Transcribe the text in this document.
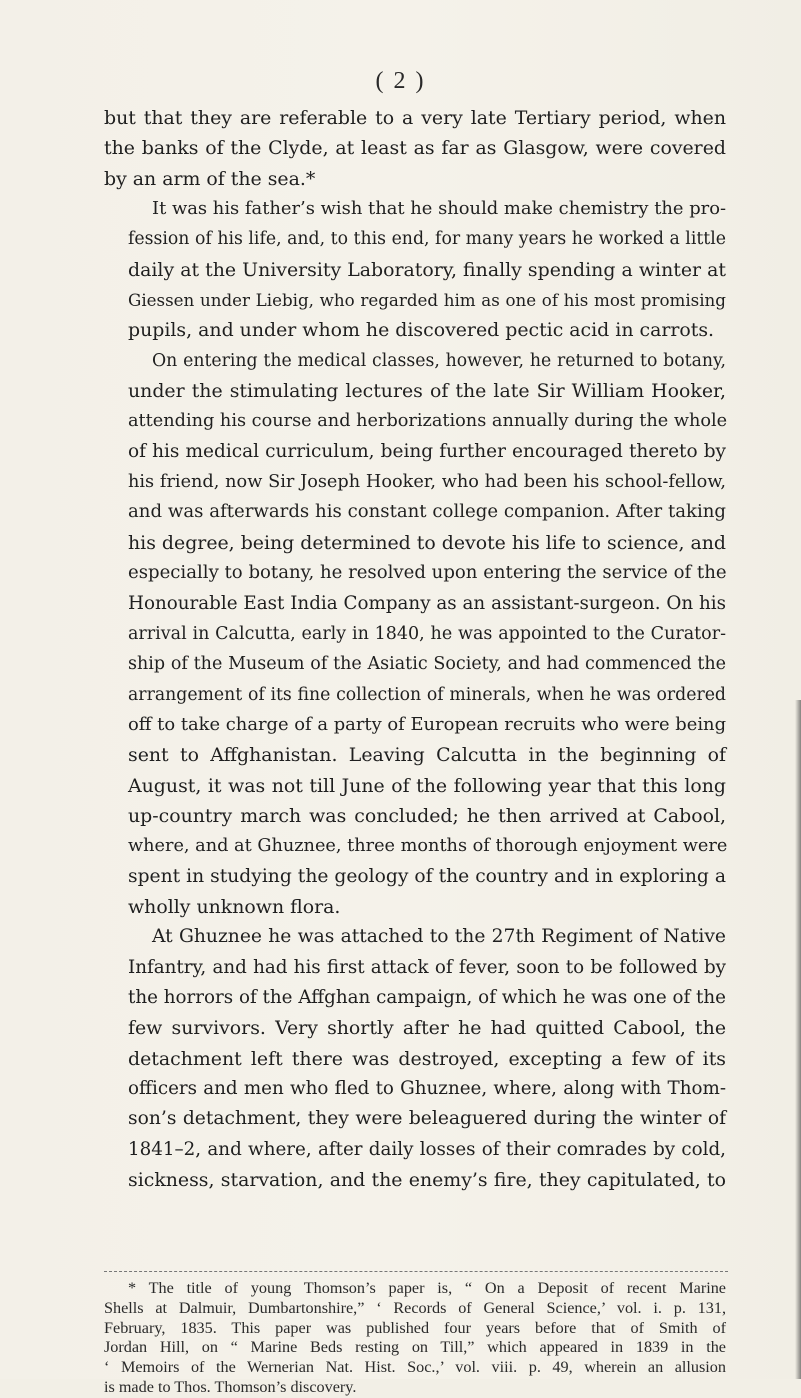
( 2 )

but that they are referable to a very late Tertiary period, when
the banks of the Clyde, at least as far as Glasgow, were covered
by an arm of the sea.*

It was his father’s wish that he should make chemistry the pro-
fession of his life, and, to this end, for many years he worked a little
daily at the University Laboratory, finally spending a winter at
Giessen under Liebig, who regarded him as one of his most promising
pupils, and under whom he discovered pectic acid in carrots.

On entering the medical classes, however, he returned to botany,
under the stimulating lectures of the late Sir William Hooker,
attending his course and herborizations annually during the whole
of his medical curriculum, being further encouraged thereto by
his friend, now Sir Joseph Hooker, who had been his school-fellow,
and was afterwards his constant college companion. After taking
his degree, being determined to devote his life to science, and
especially to botany, he resolved upon entering the service of the
Honourable East India Company as an assistant-surgeon. On his
arrival in Calcutta, early in 1840, he was appointed to the Curator-
ship of the Museum of the Asiatic Society, and had commenced the
arrangement of its fine collection of minerals, when he was ordered
off to take charge of a party of European recruits who were being
sent to Affghanistan. Leaving Calcutta in the beginning of
August, it was not till June of the following year that this long
up-country march was concluded; he then arrived at Cabool,
where, and at Ghuznee, three months of thorough enjoyment were
spent in studying the geology of the country and in exploring a
wholly unknown flora.

At Ghuznee he was attached to the 27th Regiment of Native
Infantry, and had his first attack of fever, soon to be followed by
the horrors of the Affghan campaign, of which he was one of the
few survivors. Very shortly after he had quitted Cabool, the
detachment left there was destroyed, excepting a few of its
officers and men who fled to Ghuznee, where, along with Thom-
son’s detachment, they were beleaguered during the winter of
1841–2, and where, after daily losses of their comrades by cold,
sickness, starvation, and the enemy’s fire, they capitulated, to

* The title of young Thomson’s paper is, “ On a Deposit of recent Marine
Shells at Dalmuir, Dumbartonshire,” ‘ Records of General Science,’ vol. i. p. 131,
February, 1835. This paper was published four years before that of Smith of
Jordan Hill, on “ Marine Beds resting on Till,” which appeared in 1839 in the
‘ Memoirs of the Wernerian Nat. Hist. Soc.,’ vol. viii. p. 49, wherein an allusion
is made to Thos. Thomson’s discovery.
